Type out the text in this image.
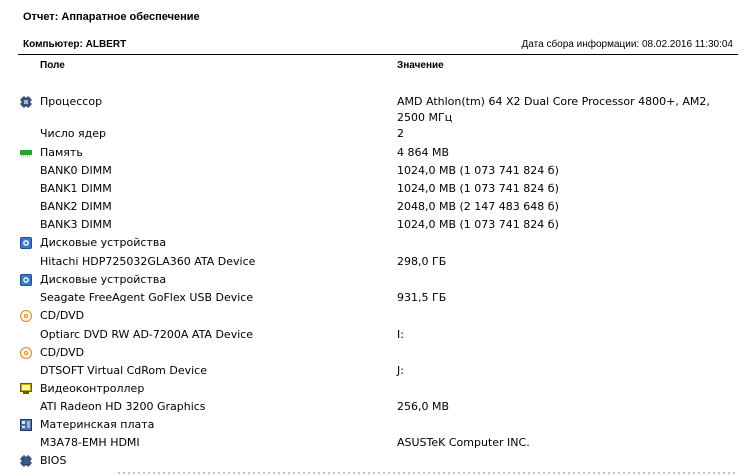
Отчет: Аппаратное обеспечение
Компьютер: ALBERT	Дата сбора информации: 08.02.2016 11:30:04
Поле	Значение
Процессор	AMD Athlon(tm) 64 X2 Dual Core Processor 4800+, AM2, 2500 МГц
Число ядер	2
Память	4 864 MB
BANK0 DIMM	1024,0 MB (1 073 741 824 б)
BANK1 DIMM	1024,0 MB (1 073 741 824 б)
BANK2 DIMM	2048,0 MB (2 147 483 648 б)
BANK3 DIMM	1024,0 MB (1 073 741 824 б)
Дисковые устройства
Hitachi HDP725032GLA360 ATA Device	298,0 ГБ
Дисковые устройства
Seagate FreeAgent GoFlex USB Device	931,5 ГБ
CD/DVD
Optiarc DVD RW AD-7200A ATA Device	I:
CD/DVD
DTSOFT Virtual CdRom Device	J:
Видеоконтроллер
ATI Radeon HD 3200 Graphics	256,0 MB
Материнская плата
M3A78-EMH HDMI	ASUSTeK Computer INC.
BIOS
